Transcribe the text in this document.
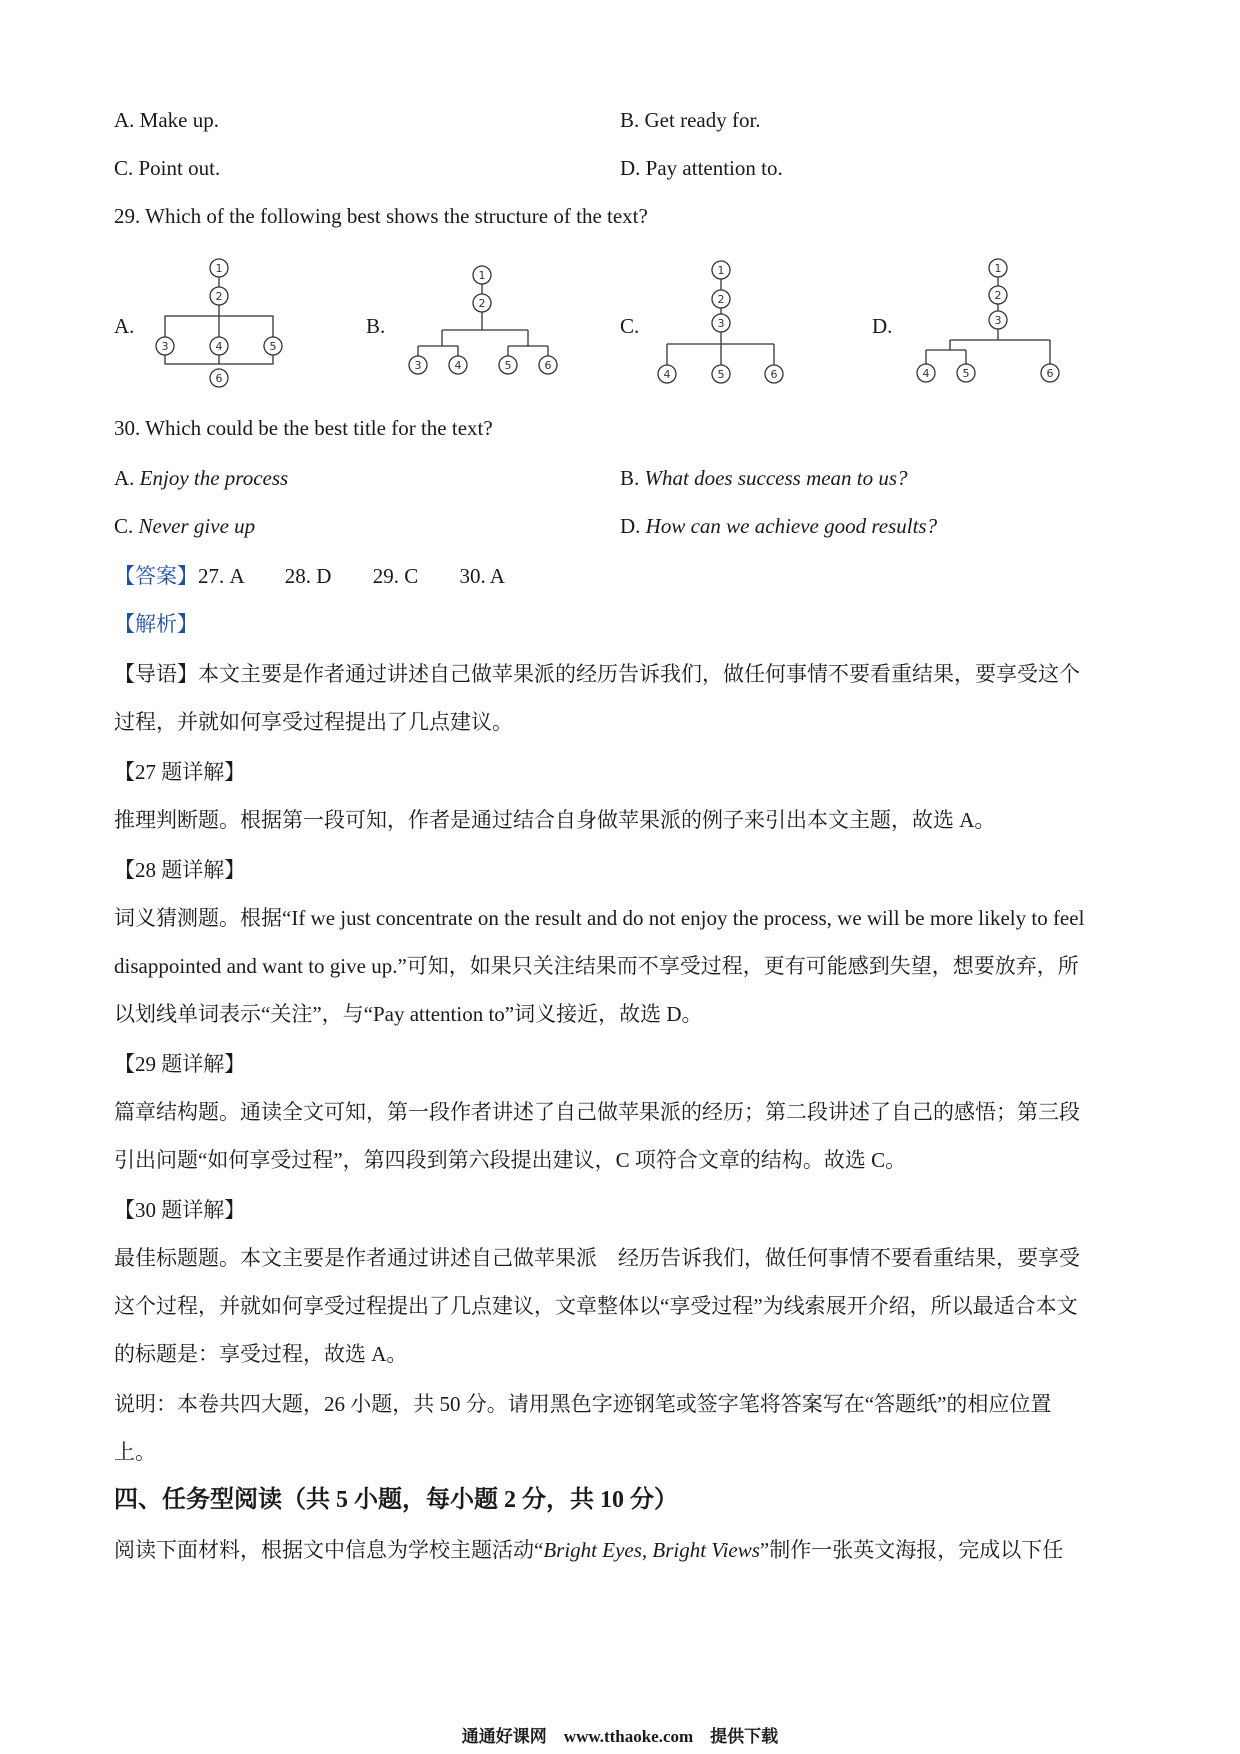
A. Make up.	B. Get ready for.
C. Point out.	D. Pay attention to.
29. Which of the following best shows the structure of the text?
A.	B.	C.	D.
1
2
3	4	5
6
1
2
3	4	5	6
1
2
3
4	5	6
1
2
3
4	5	6
30. Which could be the best title for the text?
A. Enjoy the process	B. What does success mean to us?
C. Never give up	D. How can we achieve good results?
【答案】27. A 28. D 29. C 30. A
【解析】
【导语】本文主要是作者通过讲述自己做苹果派的经历告诉我们，做任何事情不要看重结果，要享受这个
过程，并就如何享受过程提出了几点建议。
【27 题详解】
推理判断题。根据第一段可知，作者是通过结合自身做苹果派的例子来引出本文主题，故选 A。
【28 题详解】
词义猜测题。根据“If we just concentrate on the result and do not enjoy the process, we will be more likely to feel
disappointed and want to give up.”可知，如果只关注结果而不享受过程，更有可能感到失望，想要放弃，所
以划线单词表示“关注”，与“Pay attention to”词义接近，故选 D。
【29 题详解】
篇章结构题。通读全文可知，第一段作者讲述了自己做苹果派的经历；第二段讲述了自己的感悟；第三段
引出问题“如何享受过程”，第四段到第六段提出建议，C 项符合文章的结构。故选 C。
【30 题详解】
最佳标题题。本文主要是作者通过讲述自己做苹果派　经历告诉我们，做任何事情不要看重结果，要享受
这个过程，并就如何享受过程提出了几点建议，文章整体以“享受过程”为线索展开介绍，所以最适合本文
的标题是：享受过程，故选 A。
说明：本卷共四大题，26 小题，共 50 分。请用黑色字迹钢笔或签字笔将答案写在“答题纸”的相应位置
上。
四、任务型阅读（共 5 小题，每小题 2 分，共 10 分）
阅读下面材料，根据文中信息为学校主题活动“Bright Eyes, Bright Views”制作一张英文海报，完成以下任
通通好课网　www.tthaoke.com　提供下载
